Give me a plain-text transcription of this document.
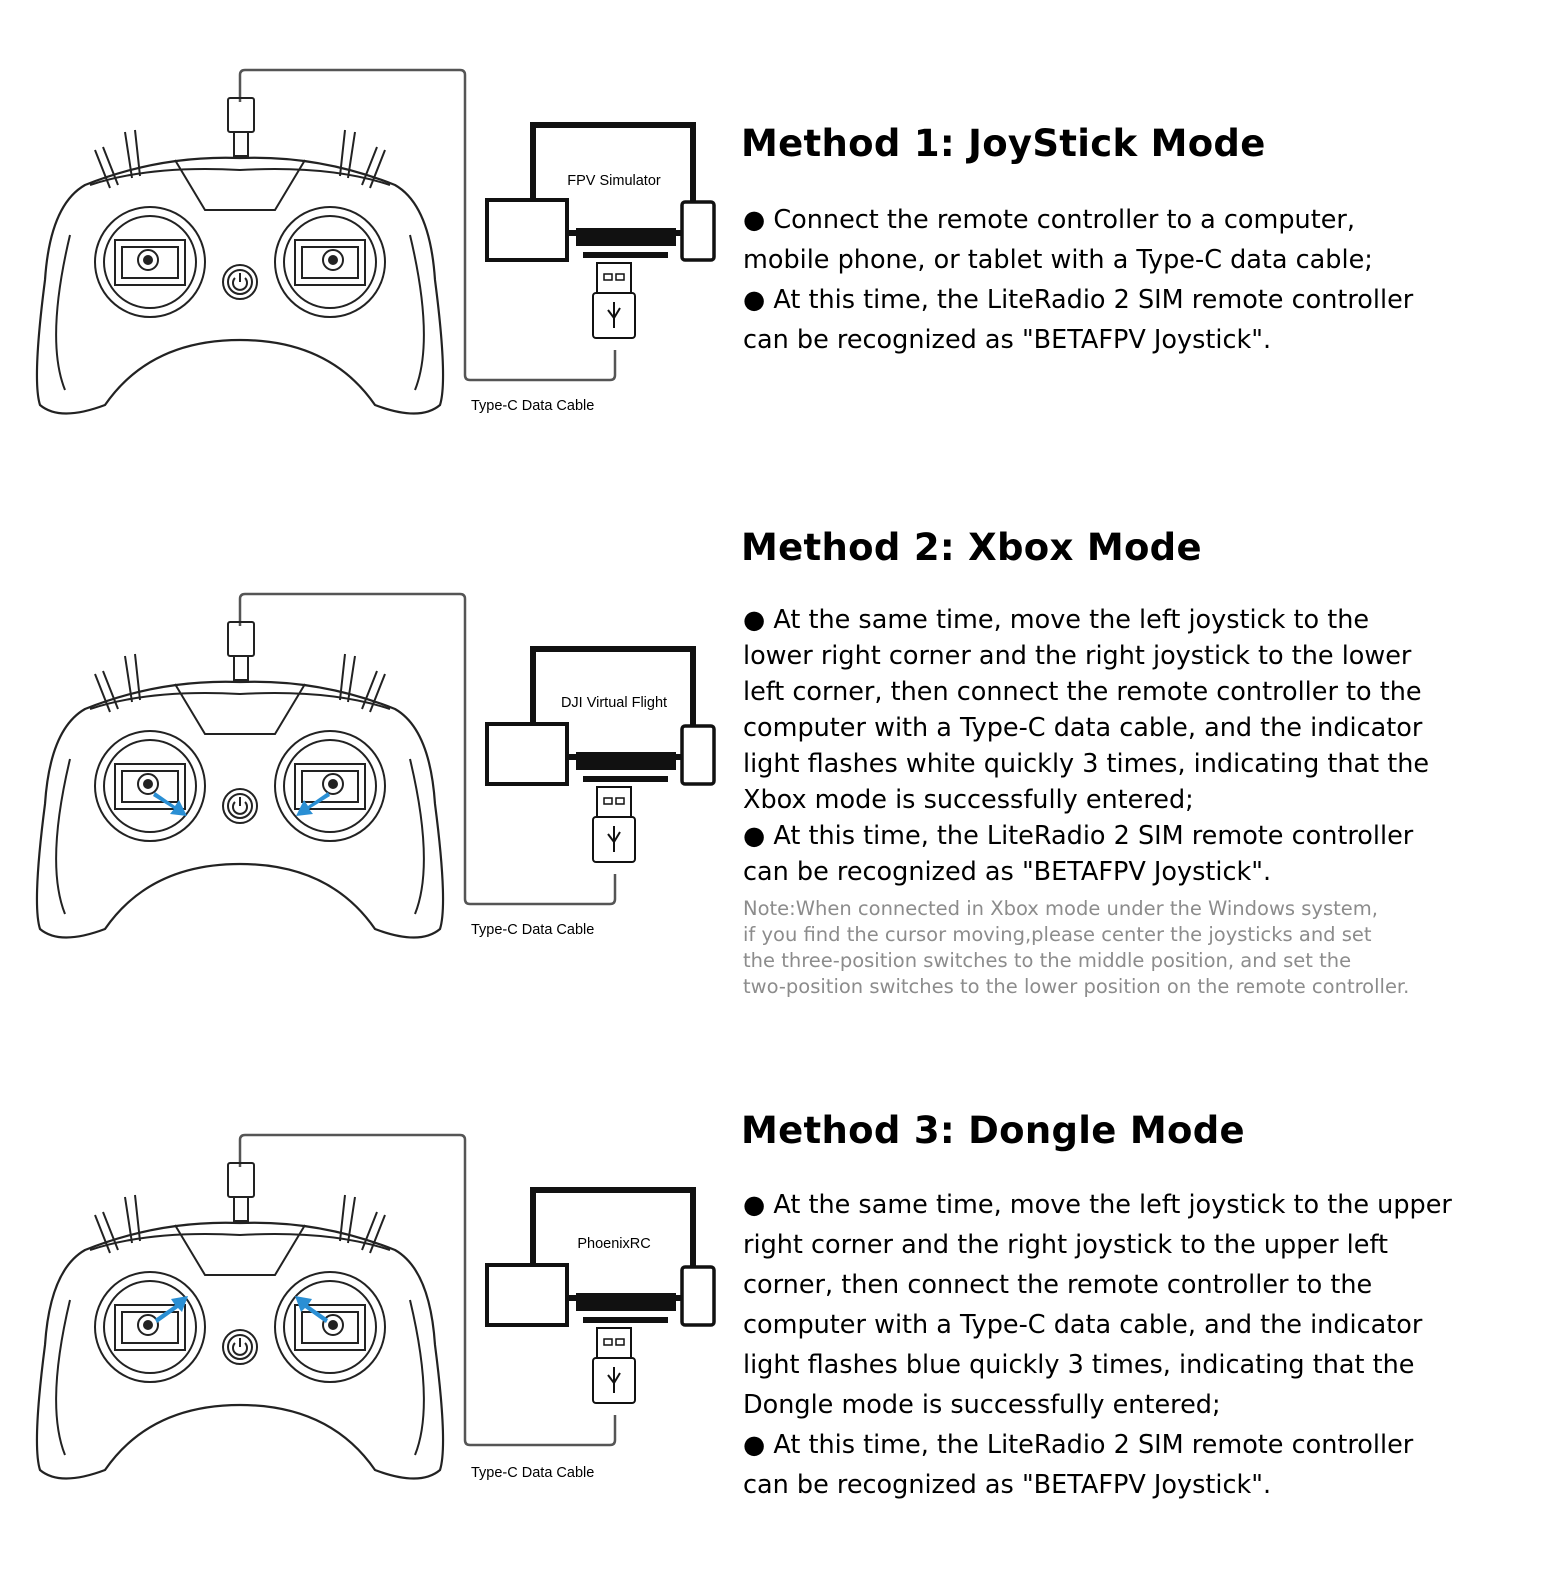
FPV Simulator
Type-C Data Cable
Method 1: JoyStick Mode
● Connect the remote controller to a computer,
mobile phone, or tablet with a Type-C data cable;
● At this time, the LiteRadio 2 SIM remote controller
can be recognized as "BETAFPV Joystick".
DJI Virtual Flight
Type-C Data Cable
Method 2: Xbox Mode
● At the same time, move the left joystick to the
lower right corner and the right joystick to the lower
left corner, then connect the remote controller to the
computer with a Type-C data cable, and the indicator
light flashes white quickly 3 times, indicating that the
Xbox mode is successfully entered;
● At this time, the LiteRadio 2 SIM remote controller
can be recognized as "BETAFPV Joystick".

Note:When connected in Xbox mode under the Windows system,
if you find the cursor moving,please center the joysticks and set
the three-position switches to the middle position, and set the
two-position switches to the lower position on the remote controller.

PhoenixRC
Type-C Data Cable
Method 3: Dongle Mode
● At the same time, move the left joystick to the upper
right corner and the right joystick to the upper left
corner, then connect the remote controller to the
computer with a Type-C data cable, and the indicator
light flashes blue quickly 3 times, indicating that the
Dongle mode is successfully entered;
● At this time, the LiteRadio 2 SIM remote controller
can be recognized as "BETAFPV Joystick".
